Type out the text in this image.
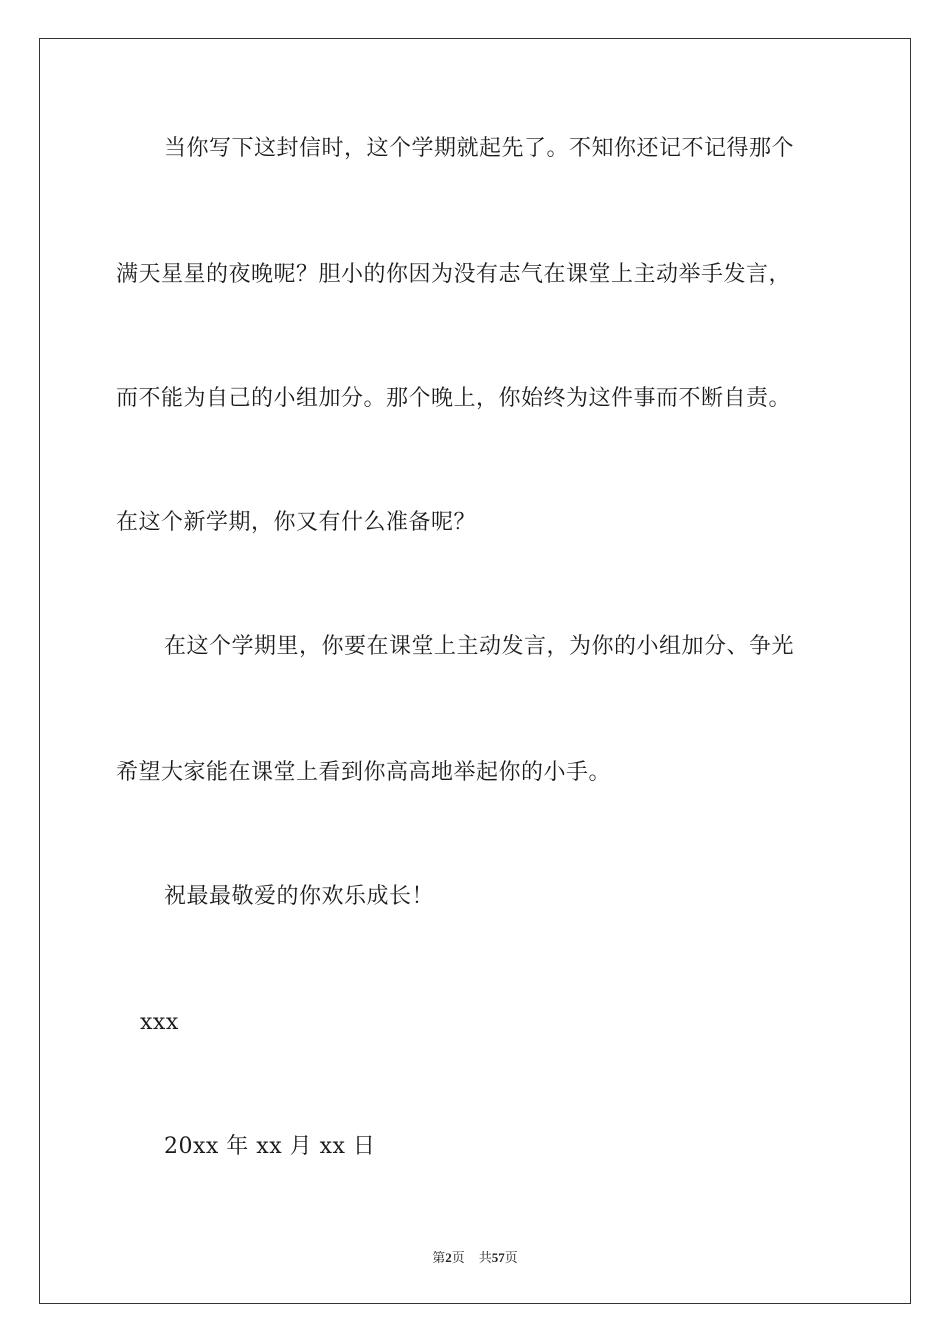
当你写下这封信时，这个学期就起先了。不知你还记不记得那个
满天星星的夜晚呢？胆小的你因为没有志气在课堂上主动举手发言，
而不能为自己的小组加分。那个晚上，你始终为这件事而不断自责。
在这个新学期，你又有什么准备呢？
在这个学期里，你要在课堂上主动发言，为你的小组加分、争光
希望大家能在课堂上看到你高高地举起你的小手。
祝最最敬爱的你欢乐成长！
xxx
20xx 年 xx 月 xx 日
第2页 共57页
